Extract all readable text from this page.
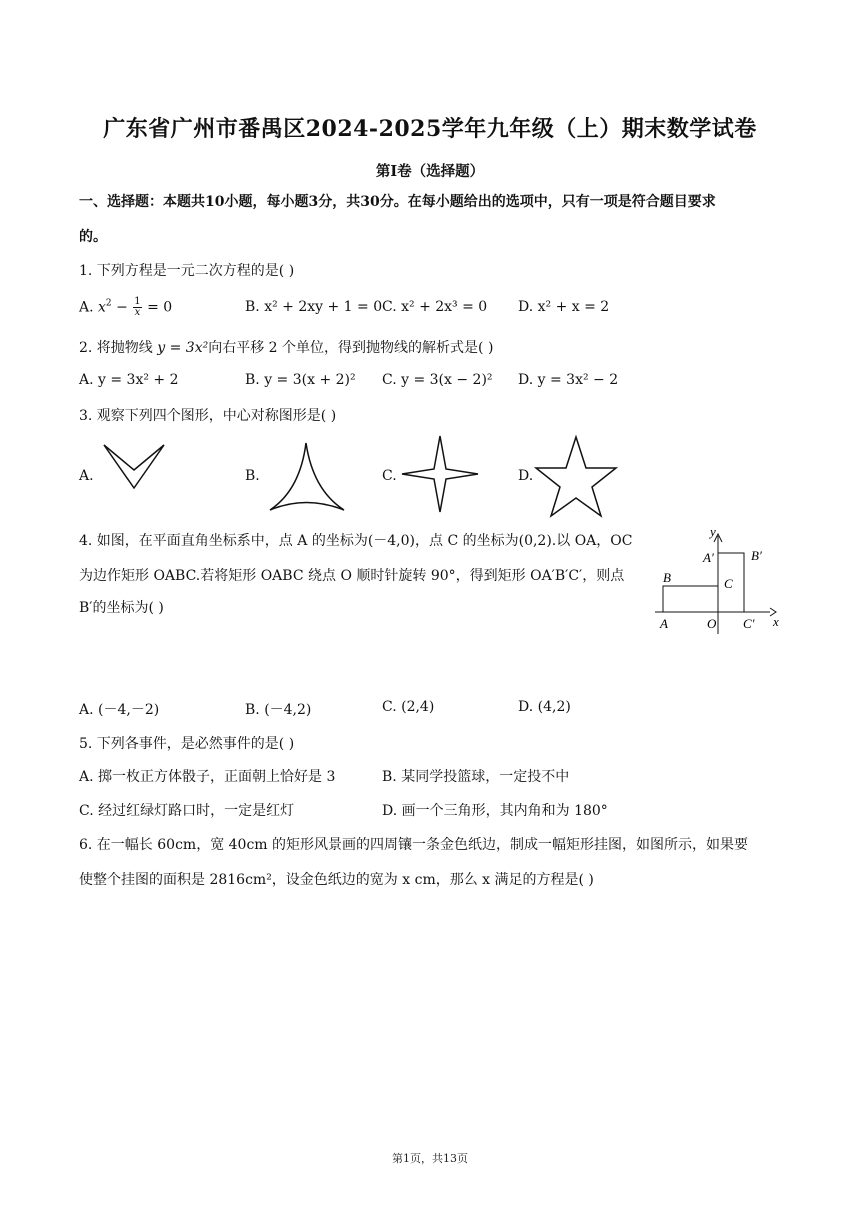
广东省广州市番禺区2024-2025学年九年级（上）期末数学试卷
第Ⅰ卷（选择题）
一、选择题：本题共10小题，每小题3分，共30分。在每小题给出的选项中，只有一项是符合题目要求
的。
1. 下列方程是一元二次方程的是( )
A. $x^2 - \frac{1}{x} = 0$	B. x² + 2xy + 1 = 0 C. x² + 2x³ = 0 D. x² + x = 2
2. 将抛物线 y = 3x²向右平移 2 个单位，得到抛物线的解析式是( )
A. y = 3x² + 2	B. y = 3(x + 2)² C. y = 3(x − 2)² D. y = 3x² − 2
3. 观察下列四个图形，中心对称图形是( )
A.	B.	C.	D.
4. 如图，在平面直角坐标系中，点 A 的坐标为(－4,0)，点 C 的坐标为(0,2).以 OA，OC
为边作矩形 OABC.若将矩形 OABC 绕点 O 顺时针旋转 90°，得到矩形 OA′B′C′，则点
B′的坐标为( )
y
x
B	C
A	O
A′	B′
C′
A. (－4,－2)	B. (－4,2)	C. (2,4)	D. (4,2)
5. 下列各事件，是必然事件的是( )
A. 掷一枚正方体骰子，正面朝上恰好是 3	B. 某同学投篮球，一定投不中
C. 经过红绿灯路口时，一定是红灯	D. 画一个三角形，其内角和为 180°
6. 在一幅长 60cm，宽 40cm 的矩形风景画的四周镶一条金色纸边，制成一幅矩形挂图，如图所示，如果要
使整个挂图的面积是 2816cm²，设金色纸边的宽为 x cm，那么 x 满足的方程是( )
第1页，共13页
